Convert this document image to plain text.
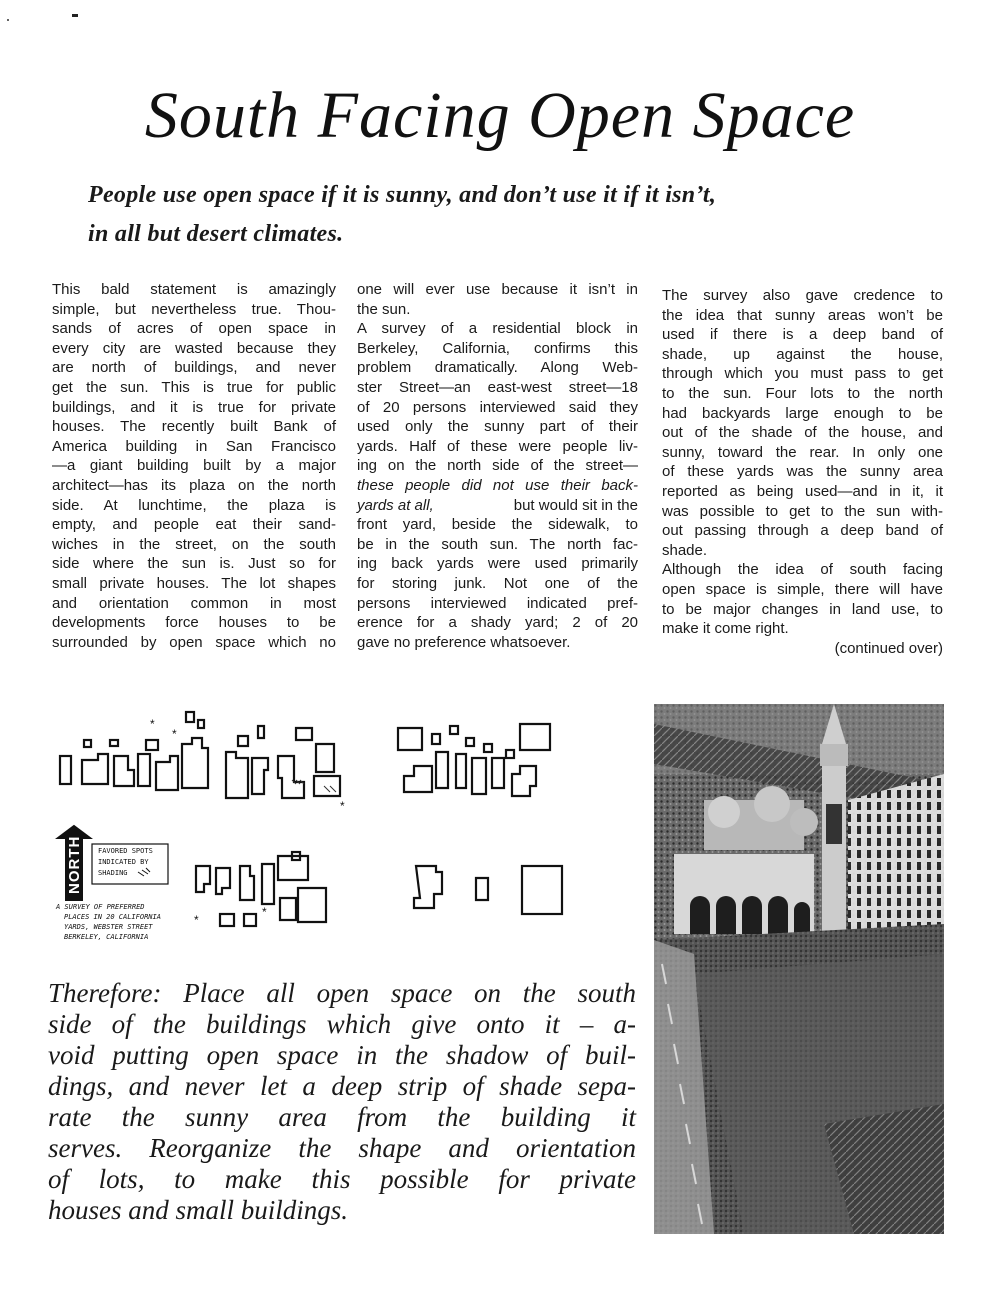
South Facing Open Space
People use open space if it is sunny, and don’t use it if it isn’t,
in all but desert climates.
This bald statement is amazingly
simple, but nevertheless true. Thou-
sands of acres of open space in
every city are wasted because they
are north of buildings, and never
get the sun. This is true for public
buildings, and it is true for private
houses. The recently built Bank of
America building in San Francisco
—a giant building built by a major
architect—has its plaza on the north
side. At lunchtime, the plaza is
empty, and people eat their sand-
wiches in the street, on the south
side where the sun is. Just so for
small private houses. The lot shapes
and orientation common in most
developments force houses to be
surrounded by open space which no
one will ever use because it isn’t in
the sun.
A survey of a residential block in
Berkeley, California, confirms this
problem dramatically. Along Web-
ster Street—an east-west street—18
of 20 persons interviewed said they
used only the sunny part of their
yards. Half of these were people liv-
ing on the north side of the street—
these people did not use their back-
yards at all,	but would sit in the
front yard, beside the sidewalk, to
be in the south sun. The north fac-
ing back yards were used primarily
for storing junk. Not one of the
persons interviewed indicated pref-
erence for a shady yard; 2 of 20
gave no preference whatsoever.
The survey also gave credence to
the idea that sunny areas won’t be
used if there is a deep band of
shade, up against the house,
through which you must pass to get
to the sun. Four lots to the north
had backyards large enough to be
out of the shade of the house, and
sunny, toward the rear. In only one
of these yards was the sunny area
reported as being used—and in it, it
was possible to get to the sun with-
out passing through a deep band of
shade.
Although the idea of south facing
open space is simple, there will have
to be major changes in land use, to
make it come right.
(continued over)
*
*
*
*
*
NORTH FAVORED SPOTS
INDICATED BY
SHADING
A SURVEY OF PREFERRED
PLACES IN 20 CALIFORNIA
YARDS, WEBSTER STREET
BERKELEY, CALIFORNIA
Therefore: Place all open space on the south
side of the buildings which give onto it – a-
void putting open space in the shadow of buil-
dings, and never let a deep strip of shade sepa-
rate the sunny area from the building it
serves. Reorganize the shape and orientation
of lots, to make this possible for private
houses and small buildings.
